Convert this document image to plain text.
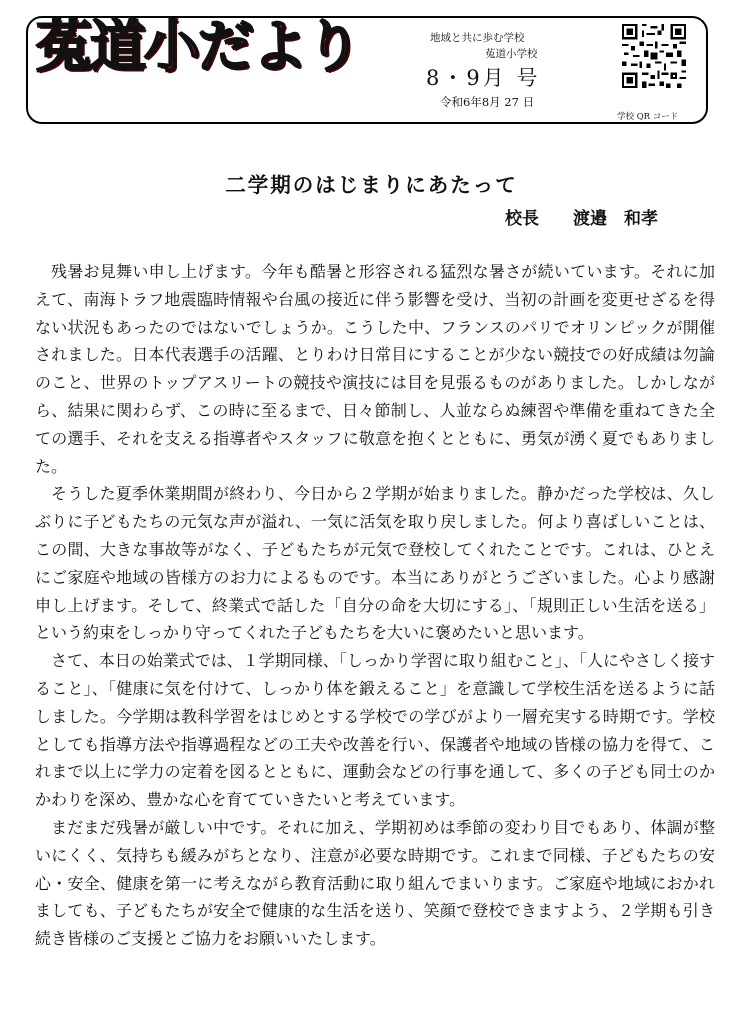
菟道小だより	地域と共に歩む学校
菟道小学校
8・9月 号
令和6年8月 27 日
学校 QR コード
二学期のはじまりにあたって
校長　　渡邉　和孝

残暑お見舞い申し上げます。今年も酷暑と形容される猛烈な暑さが続いています。それに加えて、南海トラフ地震臨時情報や台風の接近に伴う影響を受け、当初の計画を変更せざるを得ない状況もあったのではないでしょうか。こうした中、フランスのパリでオリンピックが開催されました。日本代表選手の活躍、とりわけ日常目にすることが少ない競技での好成績は勿論のこと、世界のトップアスリートの競技や演技には目を見張るものがありました。しかしながら、結果に関わらず、この時に至るまで、日々節制し、人並ならぬ練習や準備を重ねてきた全ての選手、それを支える指導者やスタッフに敬意を抱くとともに、勇気が湧く夏でもありました。

そうした夏季休業期間が終わり、今日から２学期が始まりました。静かだった学校は、久しぶりに子どもたちの元気な声が溢れ、一気に活気を取り戻しました。何より喜ばしいことは、この間、大きな事故等がなく、子どもたちが元気で登校してくれたことです。これは、ひとえにご家庭や地域の皆様方のお力によるものです。本当にありがとうございました。心より感謝申し上げます。そして、終業式で話した「自分の命を大切にする」、「規則正しい生活を送る」という約束をしっかり守ってくれた子どもたちを大いに褒めたいと思います。

さて、本日の始業式では、１学期同様、「しっかり学習に取り組むこと」、「人にやさしく接すること」、「健康に気を付けて、しっかり体を鍛えること」を意識して学校生活を送るように話しました。今学期は教科学習をはじめとする学校での学びがより一層充実する時期です。学校としても指導方法や指導過程などの工夫や改善を行い、保護者や地域の皆様の協力を得て、これまで以上に学力の定着を図るとともに、運動会などの行事を通して、多くの子ども同士のかかわりを深め、豊かな心を育てていきたいと考えています。

まだまだ残暑が厳しい中です。それに加え、学期初めは季節の変わり目でもあり、体調が整いにくく、気持ちも緩みがちとなり、注意が必要な時期です。これまで同様、子どもたちの安心・安全、健康を第一に考えながら教育活動に取り組んでまいります。ご家庭や地域におかれましても、子どもたちが安全で健康的な生活を送り、笑顔で登校できますよう、２学期も引き続き皆様のご支援とご協力をお願いいたします。
